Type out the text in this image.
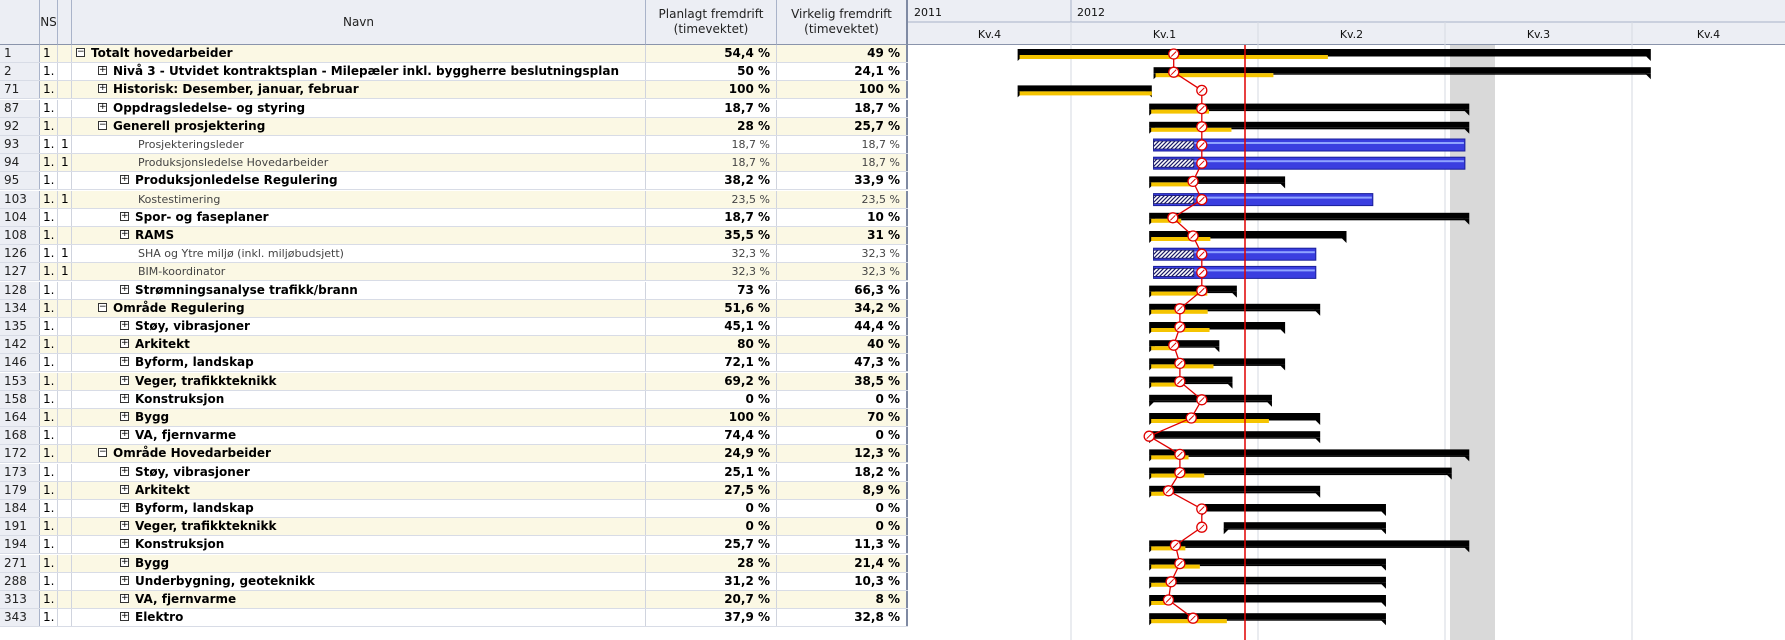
NS	Navn
Planlagt fremdrift
(timevektet)
Virkelig fremdrift
(timevektet)
1	1	− Totalt hovedarbeider	54,4 %	49 %
2	1.	+ Nivå 3 - Utvidet kontraktsplan - Milepæler inkl. byggherre beslutningsplan	50 %	24,1 %
71	1.	+ Historisk: Desember, januar, februar	100 %	100 %
87	1.	+ Oppdragsledelse- og styring	18,7 %	18,7 %
92	1.	− Generell prosjektering	28 %	25,7 %
93	1. 1	Prosjekteringsleder	18,7 %	18,7 %
94	1. 1	Produksjonsledelse Hovedarbeider	18,7 %	18,7 %
95	1.	+ Produksjonledelse Regulering	38,2 %	33,9 %
103	1. 1	Kostestimering	23,5 %	23,5 %
104	1.	+ Spor- og faseplaner	18,7 %	10 %
108	1.	+ RAMS	35,5 %	31 %
126	1. 1	SHA og Ytre miljø (inkl. miljøbudsjett)	32,3 %	32,3 %
127	1. 1	BIM-koordinator	32,3 %	32,3 %
128	1.	+ Strømningsanalyse trafikk/brann	73 %	66,3 %
134	1.	− Område Regulering	51,6 %	34,2 %
135	1.	+ Støy, vibrasjoner	45,1 %	44,4 %
142	1.	+ Arkitekt	80 %	40 %
146	1.	+ Byform, landskap	72,1 %	47,3 %
153	1.	+ Veger, trafikkteknikk	69,2 %	38,5 %
158	1.	+ Konstruksjon	0 %	0 %
164	1.	+ Bygg	100 %	70 %
168	1.	+ VA, fjernvarme	74,4 %	0 %
172	1.	− Område Hovedarbeider	24,9 %	12,3 %
173	1.	+ Støy, vibrasjoner	25,1 %	18,2 %
179	1.	+ Arkitekt	27,5 %	8,9 %
184	1.	+ Byform, landskap	0 %	0 %
191	1.	+ Veger, trafikkteknikk	0 %	0 %
194	1.	+ Konstruksjon	25,7 %	11,3 %
271	1.	+ Bygg	28 %	21,4 %
288	1.	+ Underbygning, geoteknikk	31,2 %	10,3 %
313	1.	+ VA, fjernvarme	20,7 %	8 %
343	1.	+ Elektro	37,9 %	32,8 %
2011	2012
Kv.4	Kv.1	Kv.2	Kv.3	Kv.4
